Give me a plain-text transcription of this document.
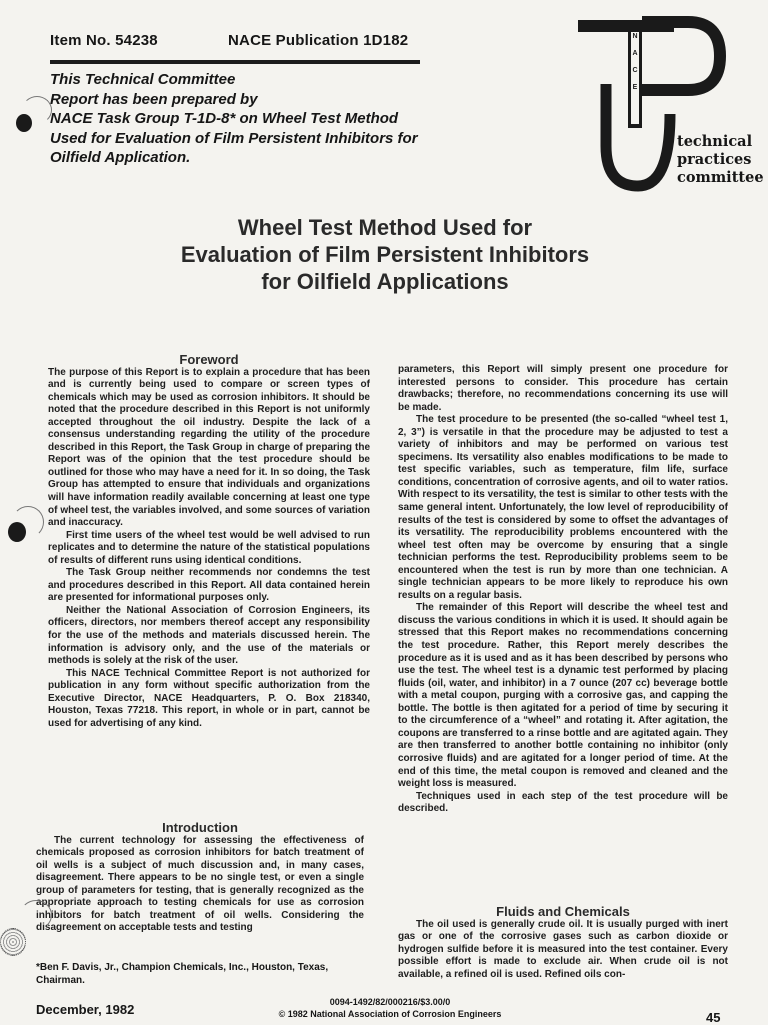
Item No. 54238	NACE Publication 1D182
This Technical Committee
Report has been prepared by
NACE Task Group T-1D-8* on Wheel Test Method
Used for Evaluation of Film Persistent Inhibitors for
Oilfield Application.
N
A
C
E
technical
practices
committee
Wheel Test Method Used for
Evaluation of Film Persistent Inhibitors
for Oilfield Applications

Foreword

The purpose of this Report is to explain a procedure that has been and is currently being used to compare or screen types of chemicals which may be used as corrosion inhibitors. It should be noted that the procedure described in this Report is not uniformly accepted throughout the oil industry. Despite the lack of a consensus understanding regarding the utility of the procedure described in this Report, the Task Group in charge of preparing the Report was of the opinion that the test procedure should be outlined for those who may have a need for it. In so doing, the Task Group has attempted to ensure that individuals and organizations will have information readily available concerning at least one type of wheel test, the variables involved, and some sources of variation and inaccuracy.

First time users of the wheel test would be well advised to run replicates and to determine the nature of the statistical populations of results of different runs using identical conditions.

The Task Group neither recommends nor condemns the test and procedures described in this Report. All data contained herein are presented for informational purposes only.

Neither the National Association of Corrosion Engineers, its officers, directors, nor members thereof accept any responsibility for the use of the methods and materials discussed herein. The information is advisory only, and the use of the materials or methods is solely at the risk of the user.

This NACE Technical Committee Report is not authorized for publication in any form without specific authorization from the Executive Director, NACE Headquarters, P. O. Box 218340, Houston, Texas 77218. This report, in whole or in part, cannot be used for advertising of any kind.

Introduction

The current technology for assessing the effectiveness of chemicals proposed as corrosion inhibitors for batch treatment of oil wells is a subject of much discussion and, in many cases, disagreement. There appears to be no single test, or even a single group of parameters for testing, that is generally recognized as the appropriate approach to testing chemicals for use as corrosion inhibitors for batch treatment of oil wells. Considering the disagreement on acceptable tests and testing

*Ben F. Davis, Jr., Champion Chemicals, Inc., Houston, Texas, Chairman.

parameters, this Report will simply present one procedure for interested persons to consider. This procedure has certain drawbacks; therefore, no recommendations concerning its use will be made.

The test procedure to be presented (the so-called “wheel test 1, 2, 3”) is versatile in that the procedure may be adjusted to test a variety of inhibitors and may be performed on various test specimens. Its versatility also enables modifications to be made to test specific variables, such as temperature, film life, surface conditions, concentration of corrosive agents, and oil to water ratios. With respect to its versatility, the test is similar to other tests with the same general intent. Unfortunately, the low level of reproducibility of results of the test is considered by some to offset the advantages of its versatility. The reproducibility problems encountered with the wheel test often may be overcome by ensuring that a single technician performs the test. Reproducibility problems seem to be encountered when the test is run by more than one technician. A single technician appears to be more likely to reproduce his own results on a regular basis.

The remainder of this Report will describe the wheel test and discuss the various conditions in which it is used. It should again be stressed that this Report makes no recommendations concerning the test procedure. Rather, this Report merely describes the procedure as it is used and as it has been described by persons who use the test. The wheel test is a dynamic test performed by placing fluids (oil, water, and inhibitor) in a 7 ounce (207 cc) beverage bottle with a metal coupon, purging with a corrosive gas, and capping the bottle. The bottle is then agitated for a period of time by securing it to the circumference of a “wheel” and rotating it. After agitation, the coupons are transferred to a rinse bottle and are agitated again. They are then transferred to another bottle containing no inhibitor (only corrosive fluids) and are agitated for a longer period of time. At the end of this time, the metal coupon is removed and cleaned and the weight loss is measured.

Techniques used in each step of the test procedure will be described.

Fluids and Chemicals

The oil used is generally crude oil. It is usually purged with inert gas or one of the corrosive gases such as carbon dioxide or hydrogen sulfide before it is measured into the test container. Every possible effort is made to exclude air. When crude oil is not available, a refined oil is used. Refined oils con-

December, 1982	0094-1492/82/000216/$3.00/0
© 1982 National Association of Corrosion Engineers	45
